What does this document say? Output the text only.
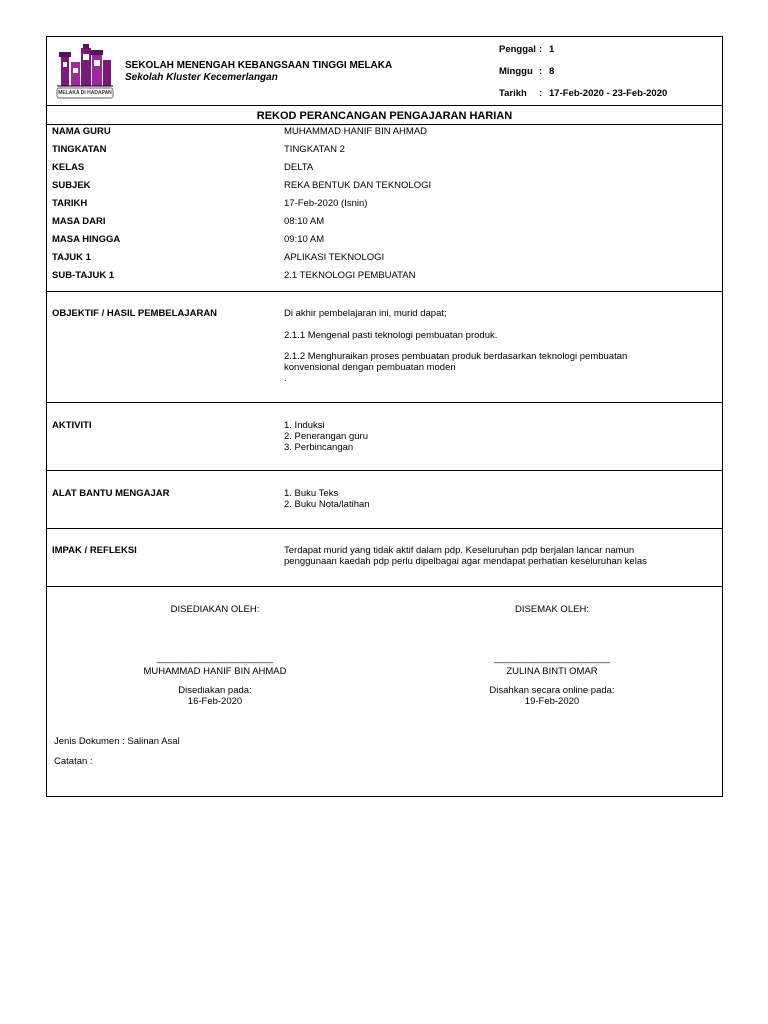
MELAKA DI HADAPAN
SEKOLAH MENENGAH KEBANGSAAN TINGGI MELAKA
Sekolah Kluster Kecemerlangan
Penggal : 1
Minggu : 8
Tarikh : 17-Feb-2020 - 23-Feb-2020
REKOD PERANCANGAN PENGAJARAN HARIAN
NAMA GURU	MUHAMMAD HANIF BIN AHMAD
TINGKATAN	TINGKATAN 2
KELAS	DELTA
SUBJEK	REKA BENTUK DAN TEKNOLOGI
TARIKH	17-Feb-2020 (Isnin)
MASA DARI	08:10 AM
MASA HINGGA	09:10 AM
TAJUK 1	APLIKASI TEKNOLOGI
SUB-TAJUK 1	2.1 TEKNOLOGI PEMBUATAN
OBJEKTIF / HASIL PEMBELAJARAN	Di akhir pembelajaran ini, murid dapat;
2.1.1 Mengenal pasti teknologi pembuatan produk.
2.1.2 Menghuraikan proses pembuatan produk berdasarkan teknologi pembuatan
konvensional dengan pembuatan moden
.
AKTIVITI	1. Induksi
2. Penerangan guru
3. Perbincangan
ALAT BANTU MENGAJAR	1. Buku Teks
2. Buku Nota/latihan
IMPAK / REFLEKSI	Terdapat murid yang tidak aktif dalam pdp. Keseluruhan pdp berjalan lancar namun
penggunaan kaedah pdp perlu dipelbagai agar mendapat perhatian keseluruhan kelas
DISEDIAKAN OLEH:
______________________
MUHAMMAD HANIF BIN AHMAD
Disediakan pada:
16-Feb-2020
DISEMAK OLEH:
______________________
ZULINA BINTI OMAR
Disahkan secara online pada:
19-Feb-2020
Jenis Dokumen : Salinan Asal
Catatan :
